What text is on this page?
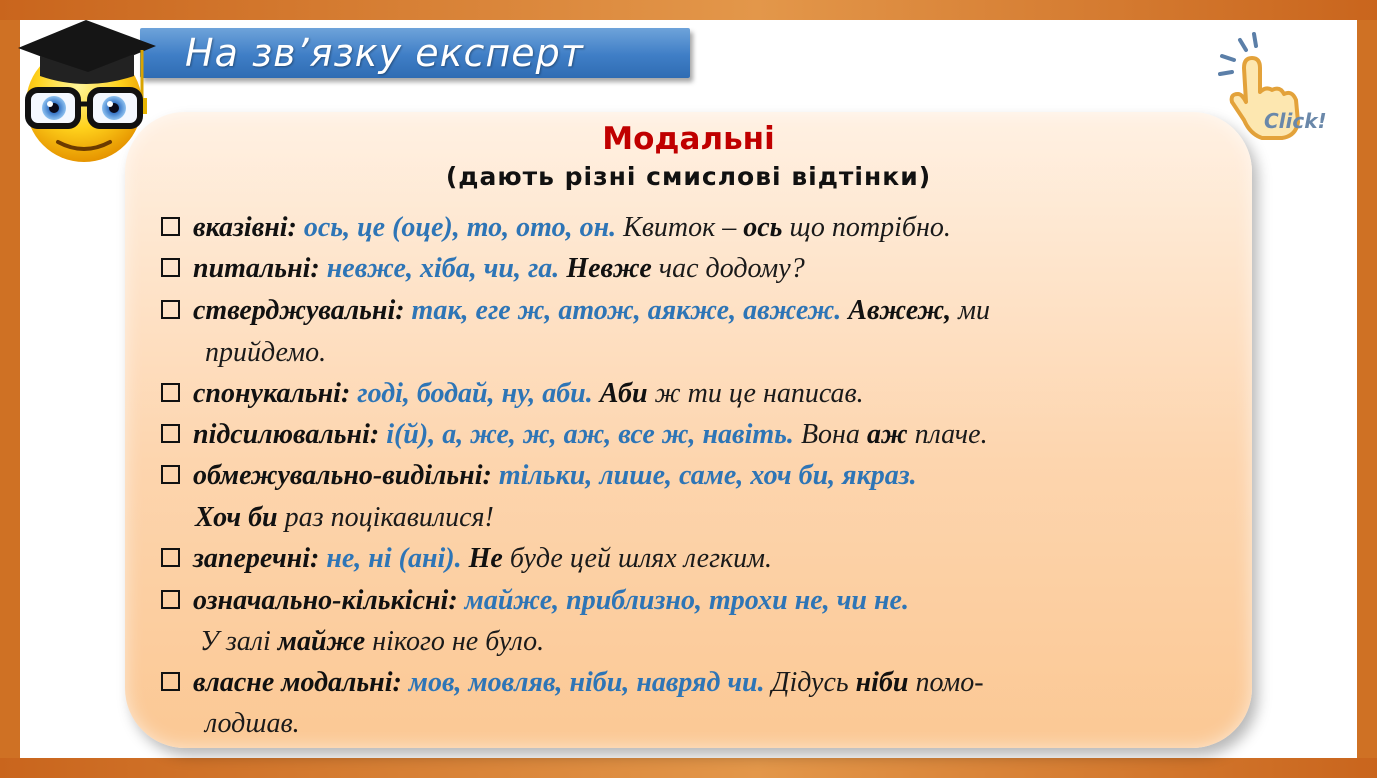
На зв’язку експерт
Click!
Модальні
(дають різні смислові відтінки)
вказівні: ось, це (оце), то, ото, он. Квиток – ось що потрібно.
питальні: невже, хіба, чи, га. Невже час додому?
стверджувальні: так, еге ж, атож, аякже, авжеж. Авжеж, ми
прийдемо.
спонукальні: годі, бодай, ну, аби. Аби ж ти це написав.
підсилювальні: і(й), а, же, ж, аж, все ж, навіть. Вона аж плаче.
обмежувально-видільні: тільки, лише, саме, хоч би, якраз.
Хоч би раз поцікавилися!
заперечні: не, ні (ані). Не буде цей шлях легким.
означально-кількісні: майже, приблизно, трохи не, чи не.
У залі майже нікого не було.
власне модальні: мов, мовляв, ніби, навряд чи. Дідусь ніби помо-
лодшав.
